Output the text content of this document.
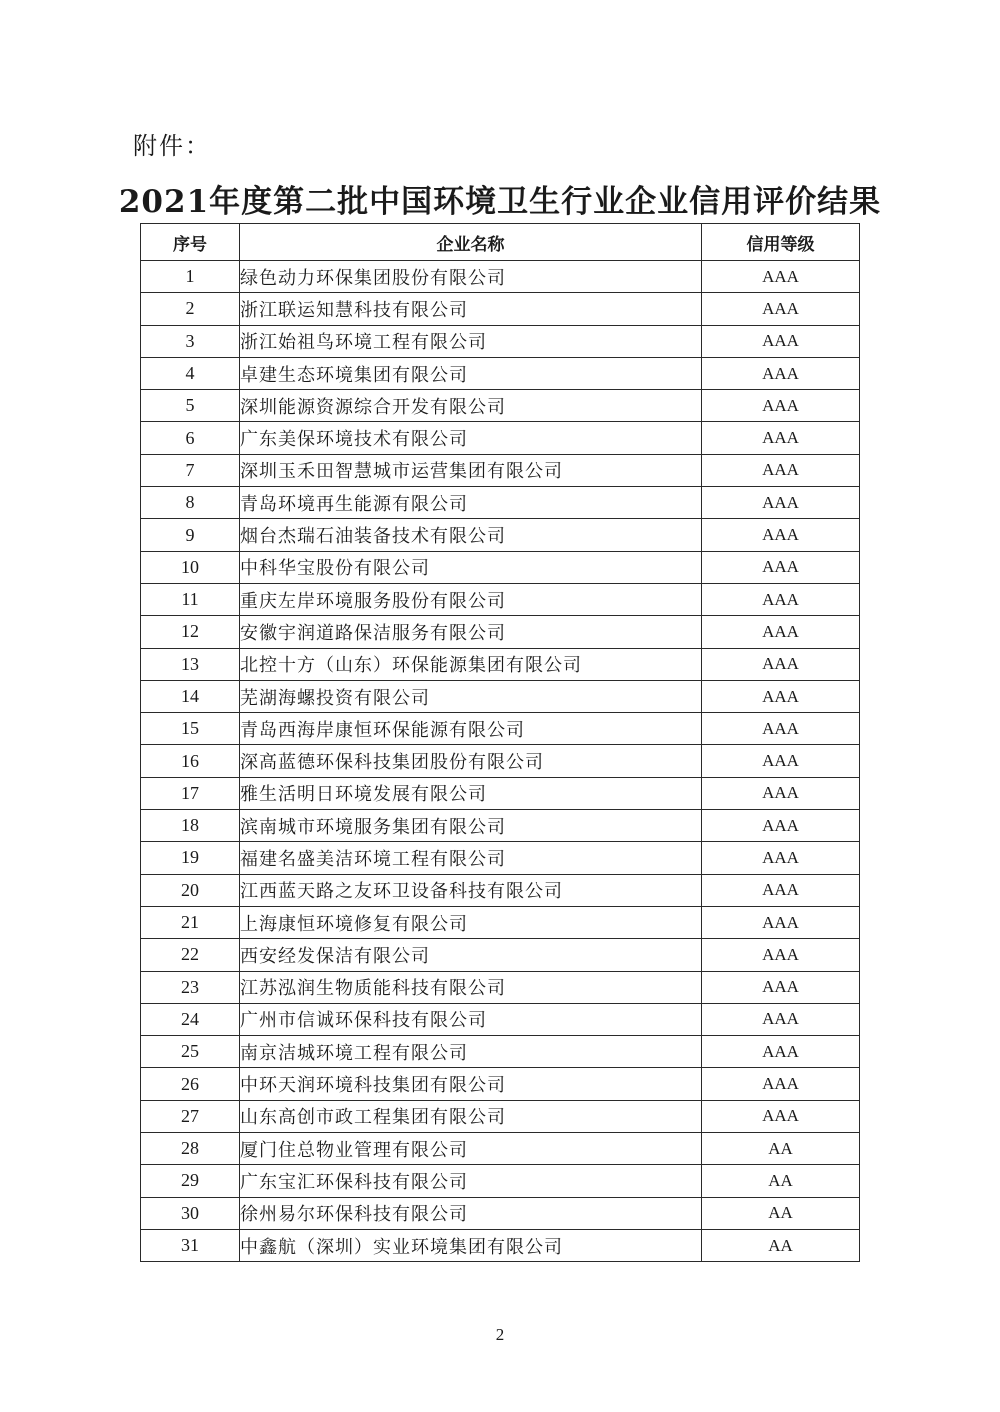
附件：
2021年度第二批中国环境卫生行业企业信用评价结果
序号	企业名称	信用等级
1	绿色动力环保集团股份有限公司	AAA
2	浙江联运知慧科技有限公司	AAA
3	浙江始祖鸟环境工程有限公司	AAA
4	卓建生态环境集团有限公司	AAA
5	深圳能源资源综合开发有限公司	AAA
6	广东美保环境技术有限公司	AAA
7	深圳玉禾田智慧城市运营集团有限公司	AAA
8	青岛环境再生能源有限公司	AAA
9	烟台杰瑞石油装备技术有限公司	AAA
10	中科华宝股份有限公司	AAA
11	重庆左岸环境服务股份有限公司	AAA
12	安徽宇润道路保洁服务有限公司	AAA
13	北控十方（山东）环保能源集团有限公司	AAA
14	芜湖海螺投资有限公司	AAA
15	青岛西海岸康恒环保能源有限公司	AAA
16	深高蓝德环保科技集团股份有限公司	AAA
17	雅生活明日环境发展有限公司	AAA
18	滨南城市环境服务集团有限公司	AAA
19	福建名盛美洁环境工程有限公司	AAA
20	江西蓝天路之友环卫设备科技有限公司	AAA
21	上海康恒环境修复有限公司	AAA
22	西安经发保洁有限公司	AAA
23	江苏泓润生物质能科技有限公司	AAA
24	广州市信诚环保科技有限公司	AAA
25	南京洁城环境工程有限公司	AAA
26	中环天润环境科技集团有限公司	AAA
27	山东高创市政工程集团有限公司	AAA
28	厦门住总物业管理有限公司	AA
29	广东宝汇环保科技有限公司	AA
30	徐州易尔环保科技有限公司	AA
31	中鑫航（深圳）实业环境集团有限公司	AA
2
